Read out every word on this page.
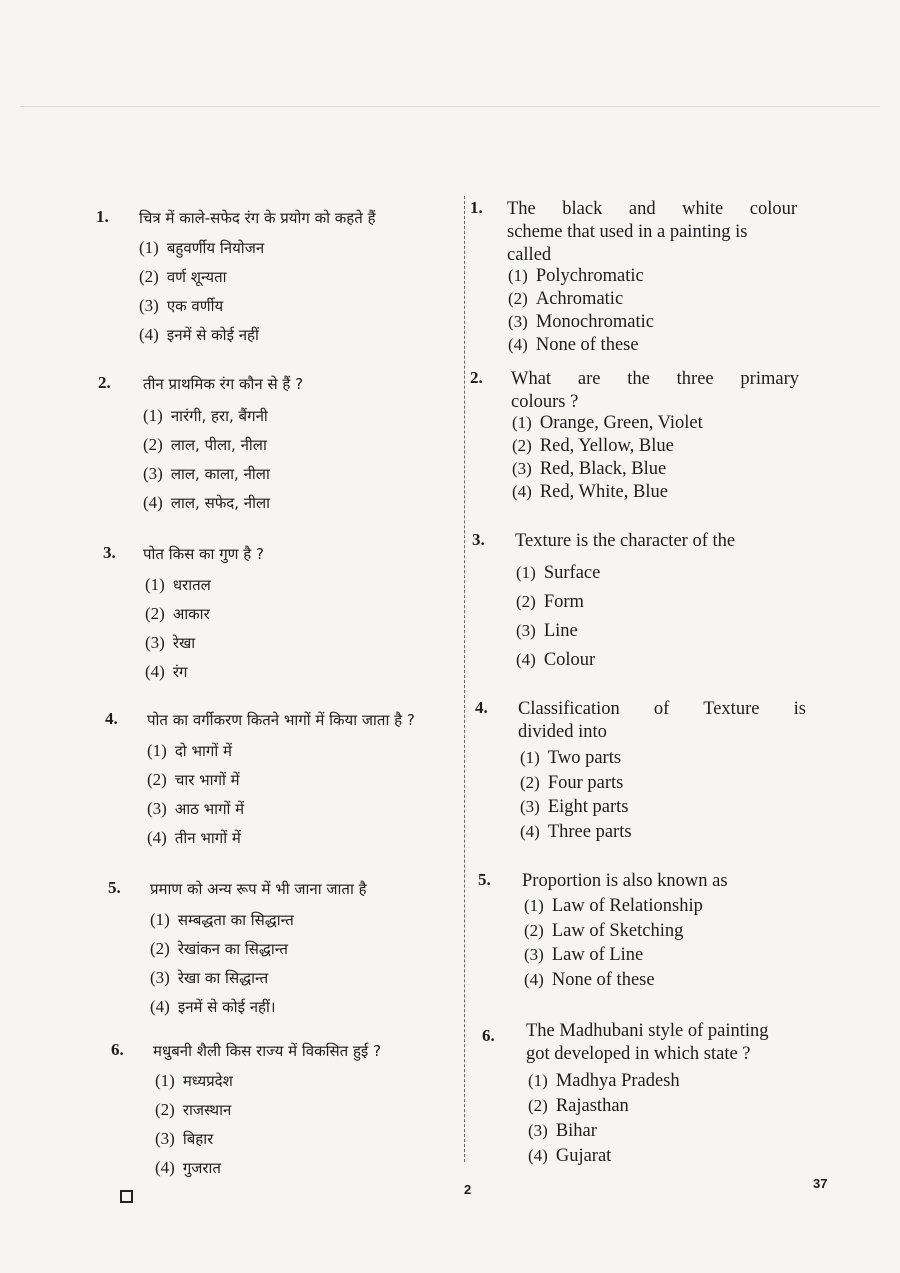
1. चित्र में काले-सफेद रंग के प्रयोग को कहते हैं
(1) बहुवर्णीय नियोजन
(2) वर्ण शून्यता
(3) एक वर्णीय
(4) इनमें से कोई नहीं
2. तीन प्राथमिक रंग कौन से हैं ?
(1) नारंगी, हरा, बैंगनी
(2) लाल, पीला, नीला
(3) लाल, काला, नीला
(4) लाल, सफेद, नीला
3. पोत किस का गुण है ?
(1) धरातल
(2) आकार
(3) रेखा
(4) रंग
4. पोत का वर्गीकरण कितने भागों में किया जाता है ?
(1) दो भागों में
(2) चार भागों में
(3) आठ भागों में
(4) तीन भागों में
5. प्रमाण को अन्य रूप में भी जाना जाता है
(1) सम्बद्धता का सिद्धान्त
(2) रेखांकन का सिद्धान्त
(3) रेखा का सिद्धान्त
(4) इनमें से कोई नहीं।
6. मधुबनी शैली किस राज्य में विकसित हुई ?
(1) मध्यप्रदेश
(2) राजस्थान
(3) बिहार
(4) गुजरात
1. The black and white colour
scheme that used in a painting is
called
(1) Polychromatic
(2) Achromatic
(3) Monochromatic
(4) None of these
2. What are the three primary
colours ?
(1) Orange, Green, Violet
(2) Red, Yellow, Blue
(3) Red, Black, Blue
(4) Red, White, Blue
3. Texture is the character of the
(1) Surface
(2) Form
(3) Line
(4) Colour
4. Classification of Texture is
divided into
(1) Two parts
(2) Four parts
(3) Eight parts
(4) Three parts
5. Proportion is also known as
(1) Law of Relationship
(2) Law of Sketching
(3) Law of Line
(4) None of these
6. The Madhubani style of painting
got developed in which state ?
(1) Madhya Pradesh
(2) Rajasthan
(3) Bihar
(4) Gujarat
2	37
